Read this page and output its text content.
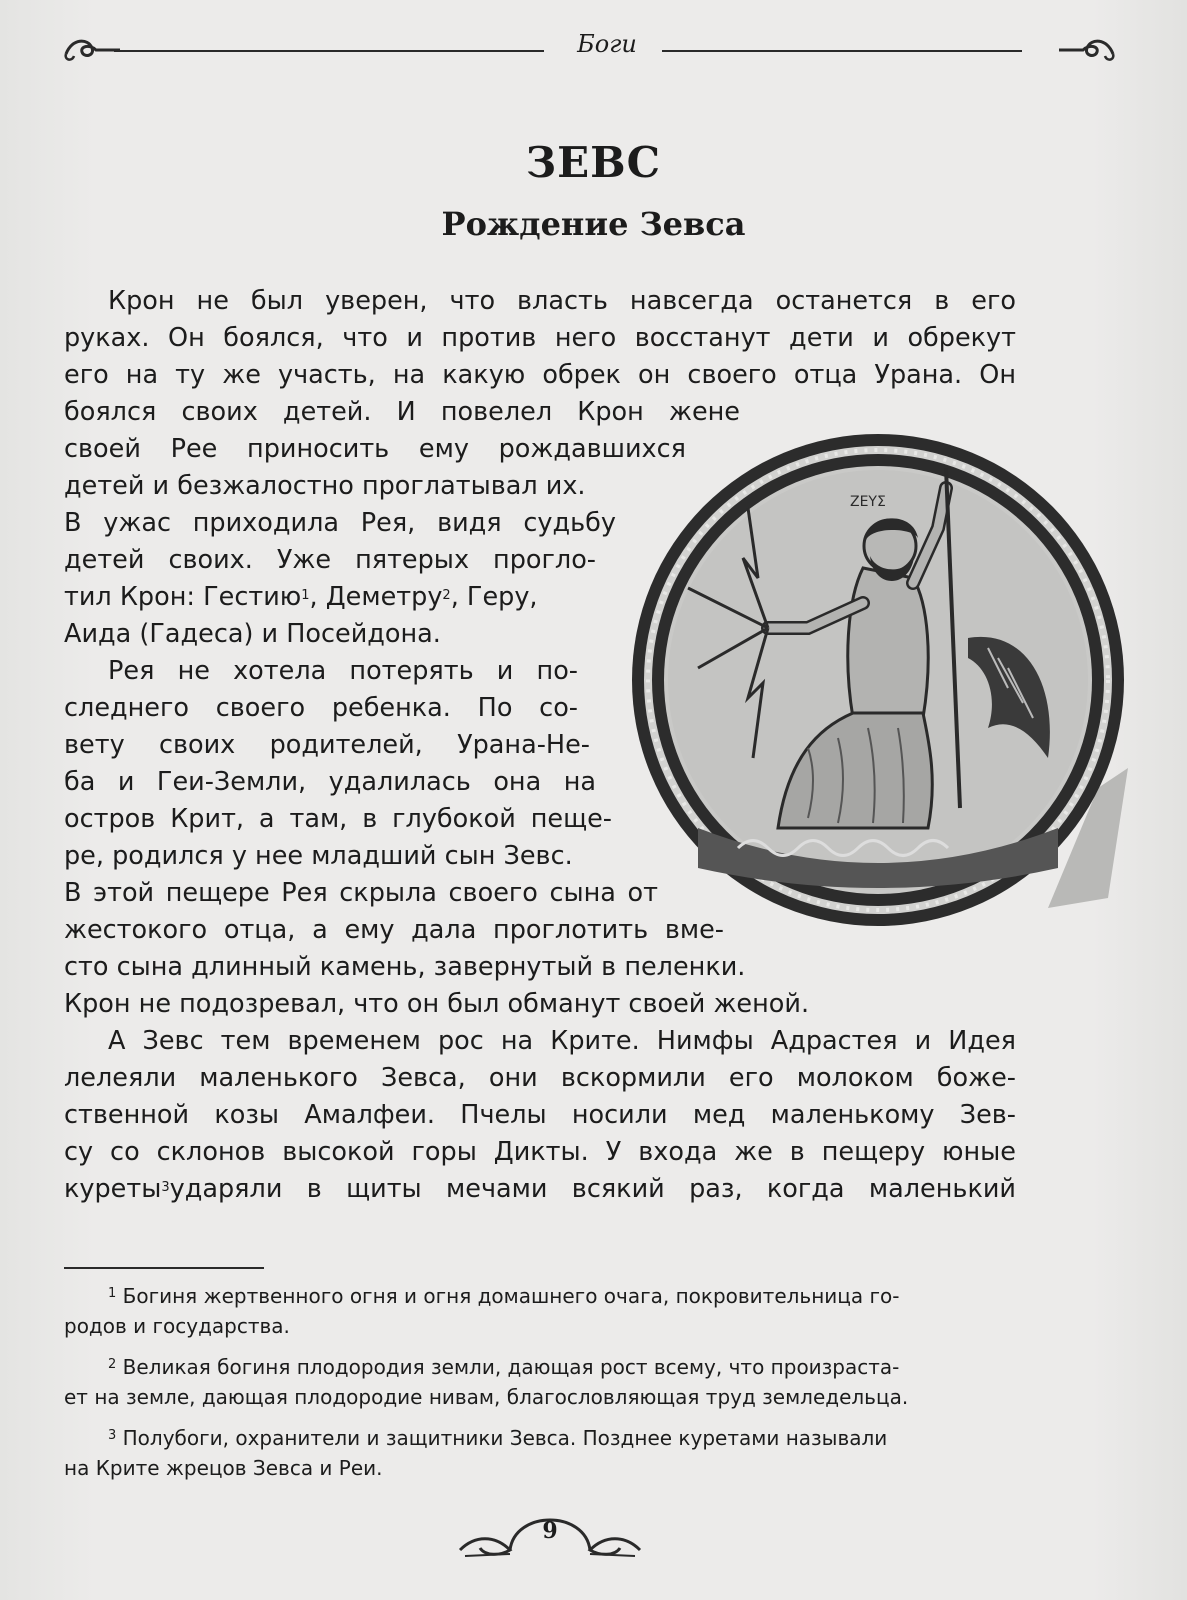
Боги
ЗЕВС
Рождение Зевса
Крон не был уверен, что власть навсегда останется в его
руках. Он боялся, что и против него восстанут дети и обрекут
его на ту же участь, на какую обрек он своего отца Урана. Он
боялся своих детей. И повелел Крон жене
своей Рее приносить ему рождавшихся
детей и безжалостно проглатывал их.
В ужас приходила Рея, видя судьбу
детей своих. Уже пятерых прогло-
тил Крон: Гестию$^1$, Деметру$^2$, Геру,
Аида (Гадеса) и Посейдона.
Рея не хотела потерять и по-
следнего своего ребенка. По со-
вету своих родителей, Урана-Не-
ба и Геи-Земли, удалилась она на
остров Крит, а там, в глубокой пеще-
ре, родился у нее младший сын Зевс.
В этой пещере Рея скрыла своего сына от
жестокого отца, а ему дала проглотить вме-
сто сына длинный камень, завернутый в пеленки.
Крон не подозревал, что он был обманут своей женой.
А Зевс тем временем рос на Крите. Нимфы Адрастея и Идея
лелеяли маленького Зевса, они вскормили его молоком боже-
ственной козы Амалфеи. Пчелы носили мед маленькому Зев-
су со склонов высокой горы Дикты. У входа же в пещеру юные
куреты$^3$ ударяли в щиты мечами всякий раз, когда маленький
ΖΕΥΣ
$^1$ Богиня жертвенного огня и огня домашнего очага, покровительница го-
родов и государства.
$^2$ Великая богиня плодородия земли, дающая рост всему, что произраста-
ет на земле, дающая плодородие нивам, благословляющая труд земледельца.
$^3$ Полубоги, охранители и защитники Зевса. Позднее куретами называли
на Крите жрецов Зевса и Реи.
9
